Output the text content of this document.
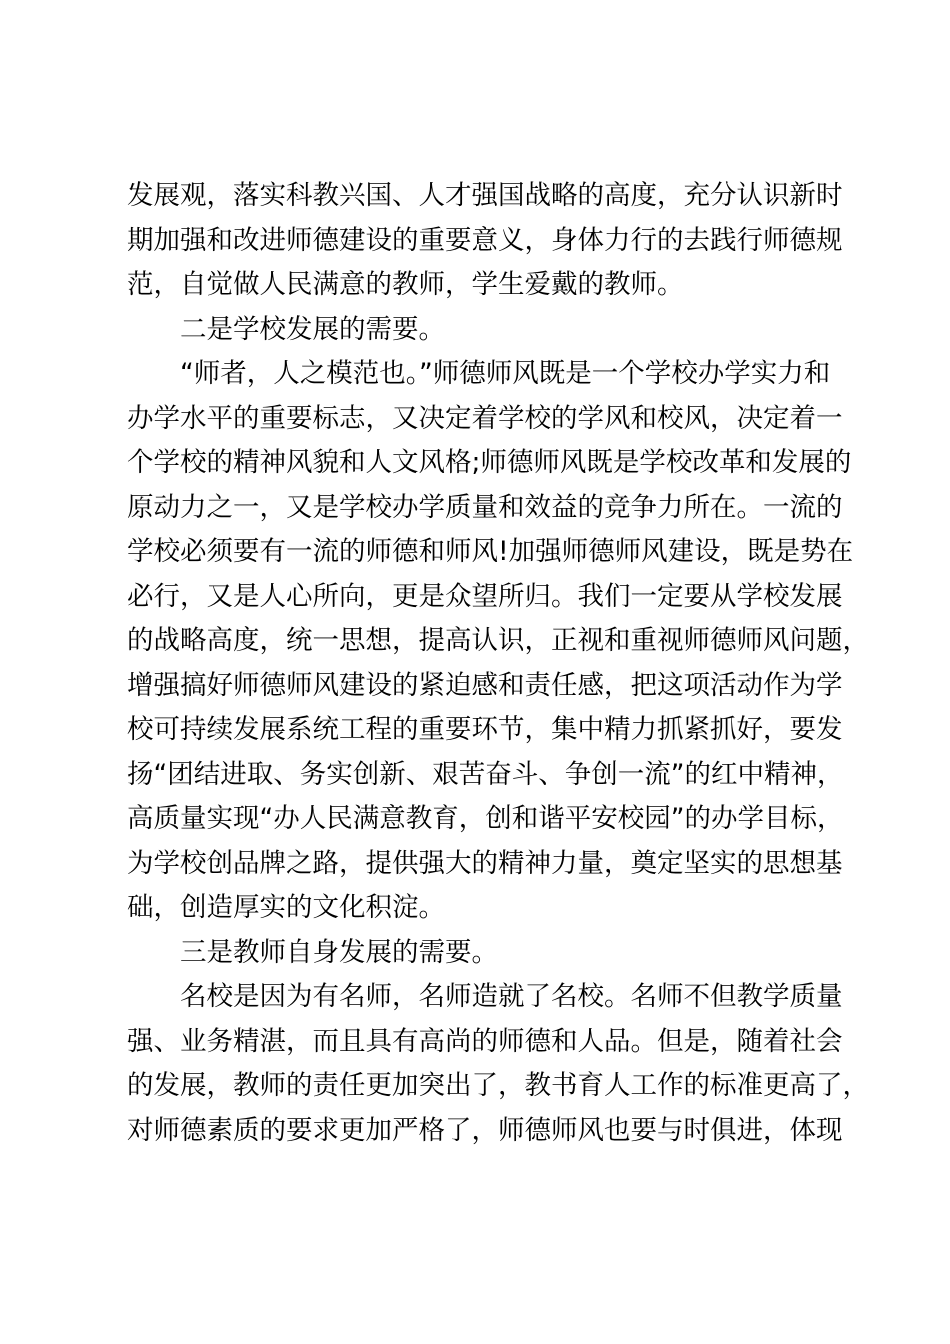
发展观，落实科教兴国、人才强国战略的高度，充分认识新时
期加强和改进师德建设的重要意义，身体力行的去践行师德规
范，自觉做人民满意的教师，学生爱戴的教师。
二是学校发展的需要。
“师者，人之模范也。”师德师风既是一个学校办学实力和
办学水平的重要标志，又决定着学校的学风和校风，决定着一
个学校的精神风貌和人文风格;师德师风既是学校改革和发展的
原动力之一，又是学校办学质量和效益的竞争力所在。一流的
学校必须要有一流的师德和师风!加强师德师风建设，既是势在
必行，又是人心所向，更是众望所归。我们一定要从学校发展
的战略高度，统一思想，提高认识，正视和重视师德师风问题，
增强搞好师德师风建设的紧迫感和责任感，把这项活动作为学
校可持续发展系统工程的重要环节，集中精力抓紧抓好，要发
扬“团结进取、务实创新、艰苦奋斗、争创一流”的红中精神，
高质量实现“办人民满意教育，创和谐平安校园”的办学目标，
为学校创品牌之路，提供强大的精神力量，奠定坚实的思想基
础，创造厚实的文化积淀。
三是教师自身发展的需要。
名校是因为有名师，名师造就了名校。名师不但教学质量
强、业务精湛，而且具有高尚的师德和人品。但是，随着社会
的发展，教师的责任更加突出了，教书育人工作的标准更高了，
对师德素质的要求更加严格了，师德师风也要与时俱进，体现
